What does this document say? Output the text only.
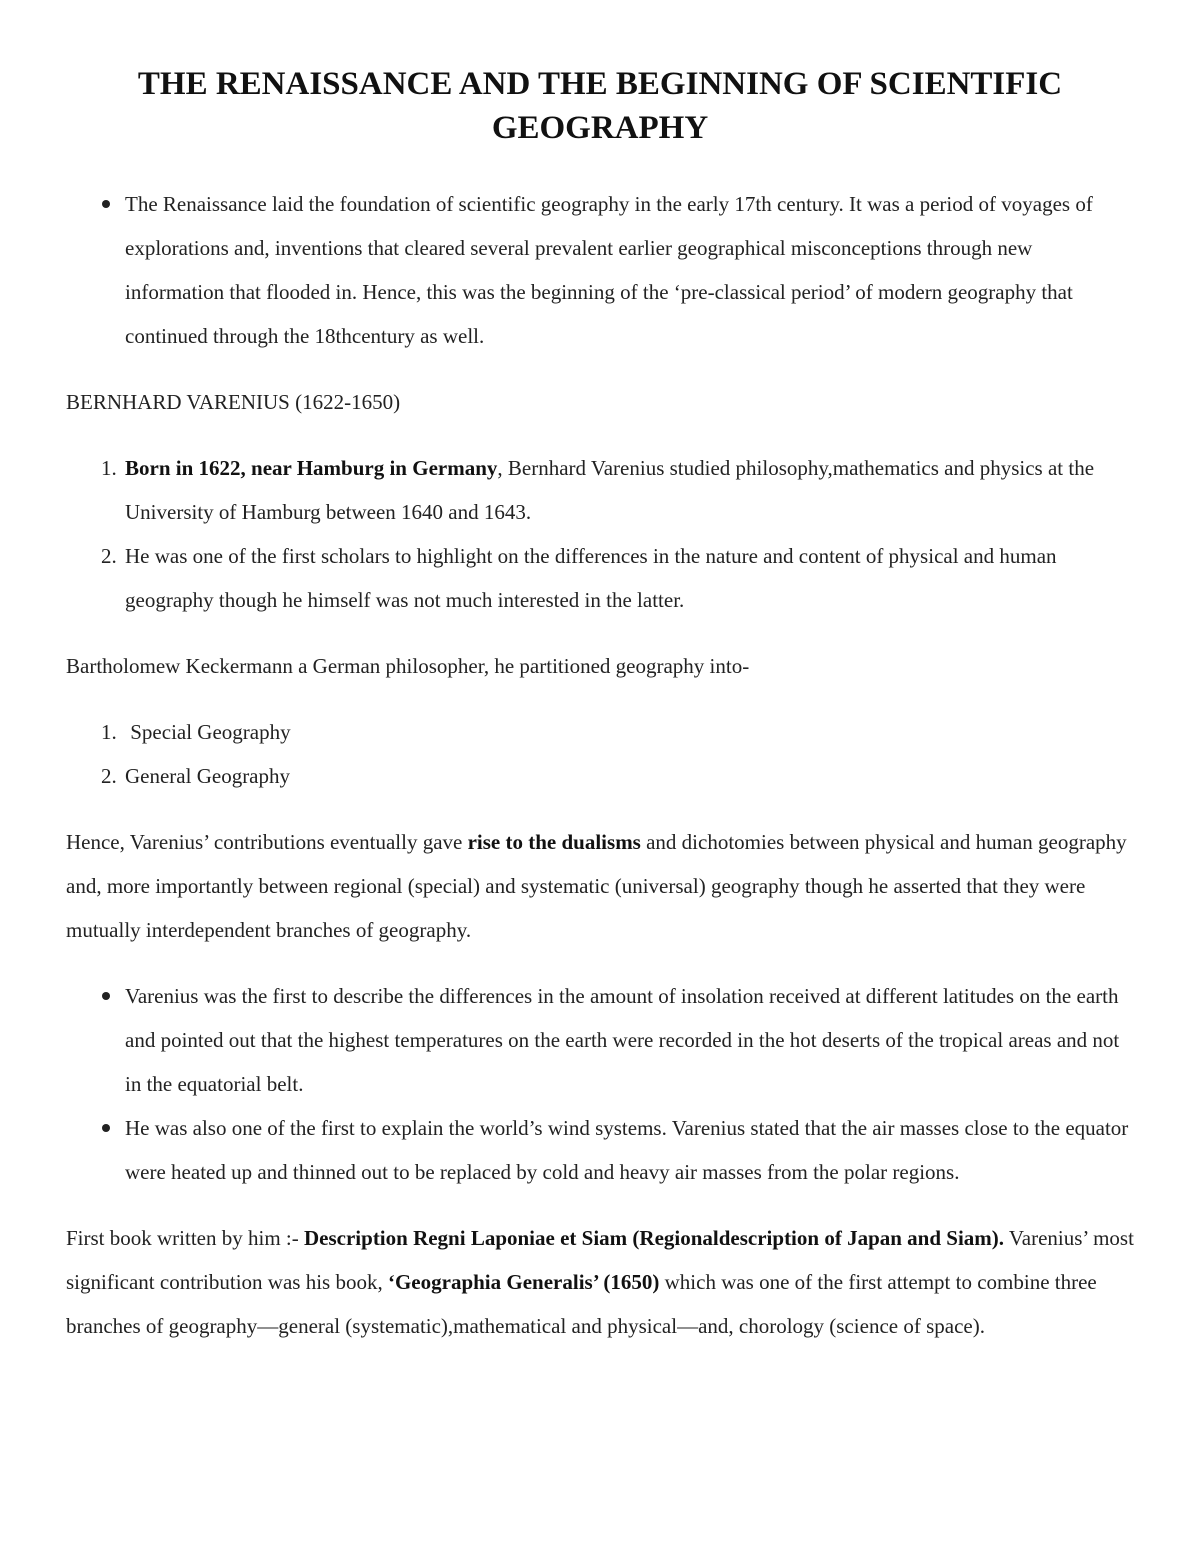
THE RENAISSANCE AND THE BEGINNING OF SCIENTIFIC
GEOGRAPHY
The Renaissance laid the foundation of scientific geography in the early 17th century. It was a period of voyages of explorations and, inventions that cleared several prevalent earlier geographical misconceptions through new information that flooded in. Hence, this was the beginning of the ‘pre-classical period’ of modern geography that continued through the 18thcentury as well.

BERNHARD VARENIUS (1622-1650)

1. Born in 1622, near Hamburg in Germany, Bernhard Varenius studied philosophy,mathematics and physics at the University of Hamburg between 1640 and 1643.
2. He was one of the first scholars to highlight on the differences in the nature and content of physical and human geography though he himself was not much interested in the latter.

Bartholomew Keckermann a German philosopher, he partitioned geography into-

1. Special Geography
2. General Geography

Hence, Varenius’ contributions eventually gave rise to the dualisms and dichotomies between physical and human geography and, more importantly between regional (special) and systematic (universal) geography though he asserted that they were mutually interdependent branches of geography.

Varenius was the first to describe the differences in the amount of insolation received at different latitudes on the earth and pointed out that the highest temperatures on the earth were recorded in the hot deserts of the tropical areas and not in the equatorial belt.
He was also one of the first to explain the world’s wind systems. Varenius stated that the air masses close to the equator were heated up and thinned out to be replaced by cold and heavy air masses from the polar regions.

First book written by him :- Description Regni Laponiae et Siam (Regionaldescription of Japan and Siam). Varenius’ most significant contribution was his book, ‘Geographia Generalis’ (1650) which was one of the first attempt to combine three branches of geography—general (systematic),mathematical and physical—and, chorology (science of space).
